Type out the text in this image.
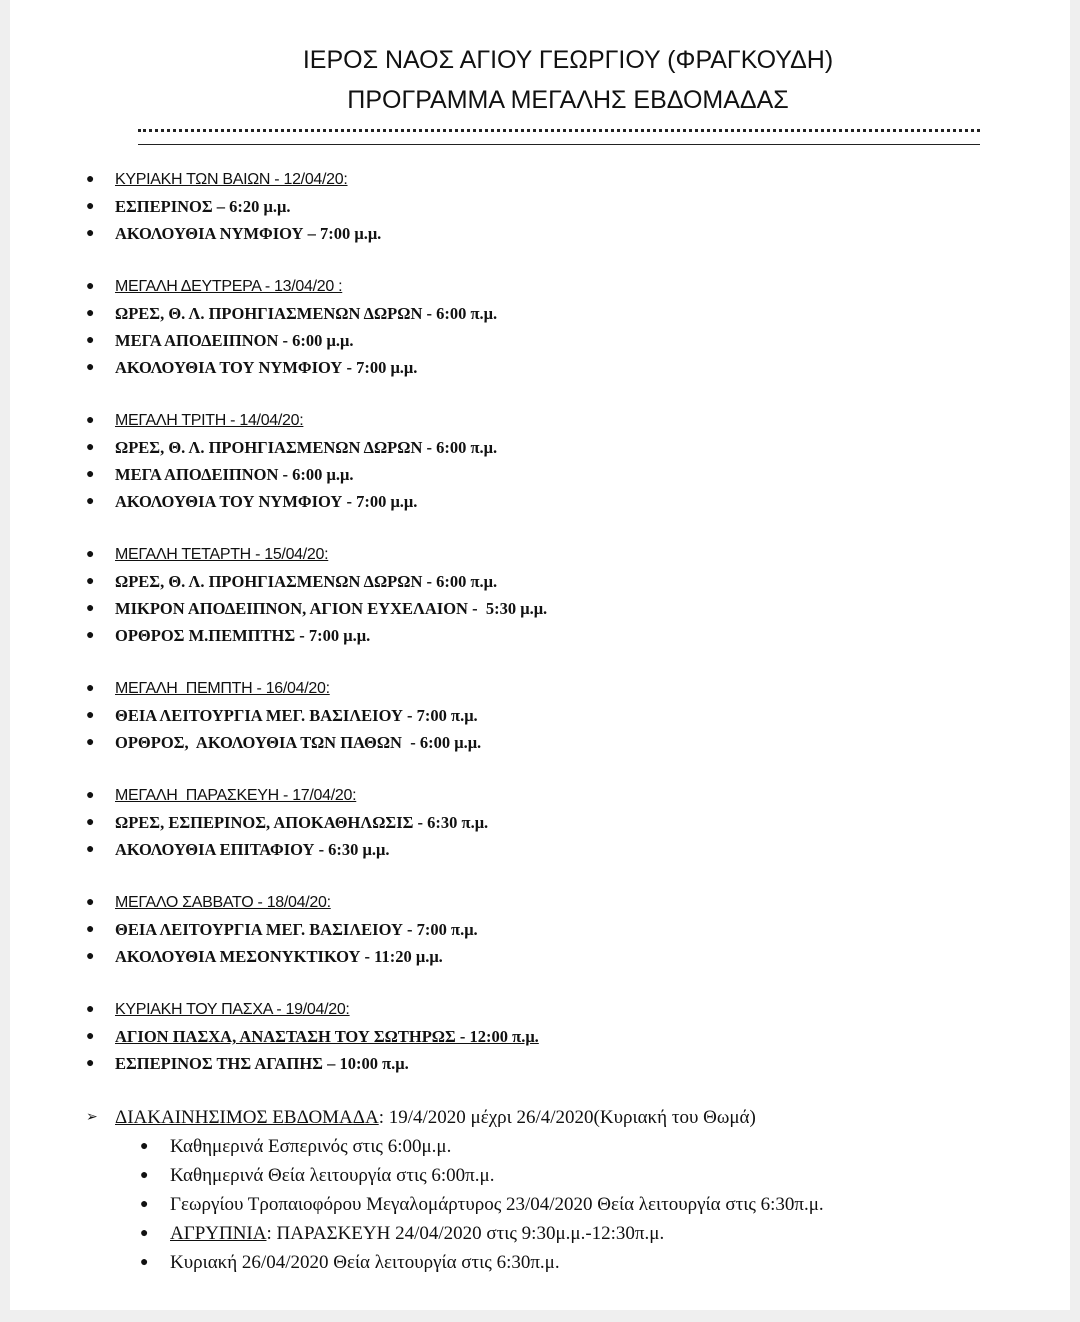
ΙΕΡΟΣ ΝΑΟΣ ΑΓΙΟΥ ΓΕΩΡΓΙΟΥ (ΦΡΑΓΚΟΥΔΗ)
ΠΡΟΓΡΑΜΜΑ ΜΕΓΑΛΗΣ ΕΒΔΟΜΑΔΑΣ
● ΚΥΡΙΑΚΗ ΤΩΝ ΒΑΙΩΝ - 12/04/20:
● ΕΣΠΕΡΙΝΟΣ – 6:20 μ.μ.
● ΑΚΟΛΟΥΘΙΑ ΝΥΜΦΙΟΥ – 7:00 μ.μ.
● ΜΕΓΑΛΗ ΔΕΥΤΡΕΡΑ - 13/04/20 :
● ΩΡΕΣ, Θ. Λ. ΠΡΟΗΓΙΑΣΜΕΝΩΝ ΔΩΡΩΝ - 6:00 π.μ.
● ΜΕΓΑ ΑΠΟΔΕΙΠΝΟΝ - 6:00 μ.μ.
● ΑΚΟΛΟΥΘΙΑ ΤΟΥ ΝΥΜΦΙΟΥ - 7:00 μ.μ.
● ΜΕΓΑΛΗ ΤΡΙΤΗ - 14/04/20:
● ΩΡΕΣ, Θ. Λ. ΠΡΟΗΓΙΑΣΜΕΝΩΝ ΔΩΡΩΝ - 6:00 π.μ.
● ΜΕΓΑ ΑΠΟΔΕΙΠΝΟΝ - 6:00 μ.μ.
● ΑΚΟΛΟΥΘΙΑ ΤΟΥ ΝΥΜΦΙΟΥ - 7:00 μ.μ.
● ΜΕΓΑΛΗ ΤΕΤΑΡΤΗ - 15/04/20:
● ΩΡΕΣ, Θ. Λ. ΠΡΟΗΓΙΑΣΜΕΝΩΝ ΔΩΡΩΝ - 6:00 π.μ.
● ΜΙΚΡΟΝ ΑΠΟΔΕΙΠΝΟΝ, ΑΓΙΟΝ ΕΥΧΕΛΑΙΟΝ -  5:30 μ.μ.
● ΟΡΘΡΟΣ Μ.ΠΕΜΠΤΗΣ - 7:00 μ.μ.
● ΜΕΓΑΛΗ  ΠΕΜΠΤΗ - 16/04/20:
● ΘΕΙΑ ΛΕΙΤΟΥΡΓΙΑ ΜΕΓ. ΒΑΣΙΛΕΙΟΥ - 7:00 π.μ.
● ΟΡΘΡΟΣ,  ΑΚΟΛΟΥΘΙΑ ΤΩΝ ΠΑΘΩΝ  - 6:00 μ.μ.
● ΜΕΓΑΛΗ  ΠΑΡΑΣΚΕΥΗ - 17/04/20:
● ΩΡΕΣ, ΕΣΠΕΡΙΝΟΣ, ΑΠΟΚΑΘΗΛΩΣΙΣ - 6:30 π.μ.
● ΑΚΟΛΟΥΘΙΑ ΕΠΙΤΑΦΙΟΥ - 6:30 μ.μ.
● ΜΕΓΑΛΟ ΣΑΒΒΑΤΟ - 18/04/20:
● ΘΕΙΑ ΛΕΙΤΟΥΡΓΙΑ ΜΕΓ. ΒΑΣΙΛΕΙΟΥ - 7:00 π.μ.
● ΑΚΟΛΟΥΘΙΑ ΜΕΣΟΝΥΚΤΙΚΟΥ - 11:20 μ.μ.
● ΚΥΡΙΑΚΗ ΤΟΥ ΠΑΣΧΑ - 19/04/20:
● ΑΓΙΟΝ ΠΑΣΧΑ, ΑΝΑΣΤΑΣΗ ΤΟΥ ΣΩΤΗΡΩΣ - 12:00 π.μ.
● ΕΣΠΕΡΙΝΟΣ ΤΗΣ ΑΓΑΠΗΣ – 10:00 π.μ.
➢ ΔΙΑΚΑΙΝΗΣΙΜΟΣ ΕΒΔΟΜΑΔΑ: 19/4/2020 μέχρι 26/4/2020(Κυριακή του Θωμά)
● Καθημερινά Εσπερινός στις 6:00μ.μ.
● Καθημερινά Θεία λειτουργία στις 6:00π.μ.
● Γεωργίου Τροπαιοφόρου Μεγαλομάρτυρος 23/04/2020 Θεία λειτουργία στις 6:30π.μ.
● ΑΓΡΥΠΝΙΑ: ΠΑΡΑΣΚΕΥΗ 24/04/2020 στις 9:30μ.μ.-12:30π.μ.
● Κυριακή 26/04/2020 Θεία λειτουργία στις 6:30π.μ.
